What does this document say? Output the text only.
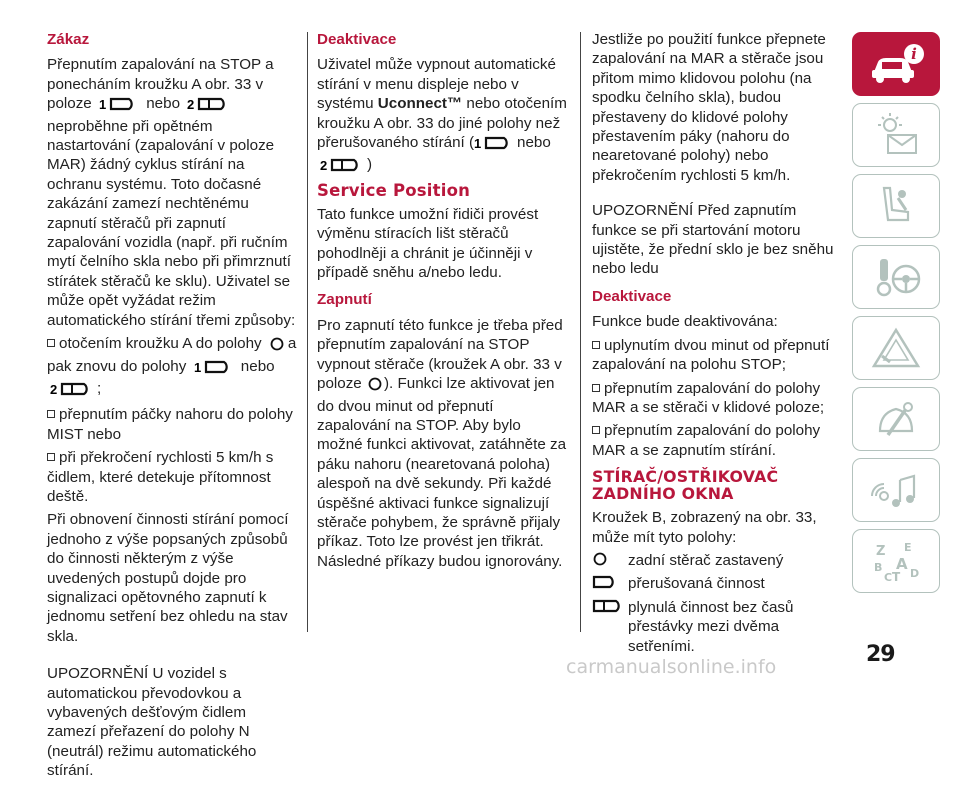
Zákaz

Přepnutím zapalování na STOP a ponecháním kroužku A obr. 33 v poloze 1	nebo 2
neproběhne při opětném nastartování (zapalování v poloze MAR) žádný cyklus stírání na ochranu systému. Toto dočasné zakázání zamezí nechtěnému zapnutí stěračů při zapnutí zapalování vozidla (např. při ručním mytí čelního skla nebo při přimrznutí stírátek stěračů ke sklu). Uživatel se může opět vyžádat režim automatického stírání třemi způsoby:

otočením kroužku A do polohy a pak znovu do polohy 1	nebo
2	;

přepnutím páčky nahoru do polohy MIST nebo

při překročení rychlosti 5 km/h s čidlem, které detekuje přítomnost deště.

Při obnovení činnosti stírání pomocí jednoho z výše popsaných způsobů do činnosti některým z výše uvedených postupů dojde pro signalizaci opětovného zapnutí k jednomu setření bez ohledu na stav skla.

UPOZORNĚNÍ U vozidel s automatickou převodovkou a vybavených dešťovým čidlem zamezí přeřazení do polohy N (neutrál) režimu automatického stírání.

Deaktivace

Uživatel může vypnout automatické stírání v menu displeje nebo v systému Uconnect™ nebo otočením kroužku A obr. 33 do jiné polohy než přerušovaného stírání ( 1 nebo
2	)

Service Position

Tato funkce umožní řidiči provést výměnu stíracích lišt stěračů pohodlněji a chránit je účinněji v případě sněhu a/nebo ledu.

Zapnutí

Pro zapnutí této funkce je třeba před přepnutím zapalování na STOP vypnout stěrače (kroužek A obr. 33 v poloze ). Funkci lze aktivovat jen do dvou minut od přepnutí zapalování na STOP. Aby bylo možné funkci aktivovat, zatáhněte za páku nahoru (nearetovaná poloha) alespoň na dvě sekundy. Při každé úspěšné aktivaci funkce signalizují stěrače pohybem, že správně přijaly příkaz. Toto lze provést jen třikrát. Následné příkazy budou ignorovány.

Jestliže po použití funkce přepnete zapalování na MAR a stěrače jsou přitom mimo klidovou polohu (na spodku čelního skla), budou přestaveny do klidové polohy přestavením páky (nahoru do nearetované polohy) nebo překročením rychlosti 5 km/h.

UPOZORNĚNÍ Před zapnutím funkce se při startování motoru ujistěte, že přední sklo je bez sněhu nebo ledu

Deaktivace

Funkce bude deaktivována:

uplynutím dvou minut od přepnutí zapalování na polohu STOP;

přepnutím zapalování do polohy MAR a se stěrači v klidové poloze;

přepnutím zapalování do polohy MAR a se zapnutím stírání.

STÍRAČ/OSTŘIKOVAČ
ZADNÍHO OKNA

Kroužek B, zobrazený na obr. 33, může mít tyto polohy:

zadní stěrač zastavený
přerušovaná činnost
plynulá činnost bez časů přestávky mezi dvěma setřeními.
i
Z E
B A
C T D
29
carmanualsonline.info
